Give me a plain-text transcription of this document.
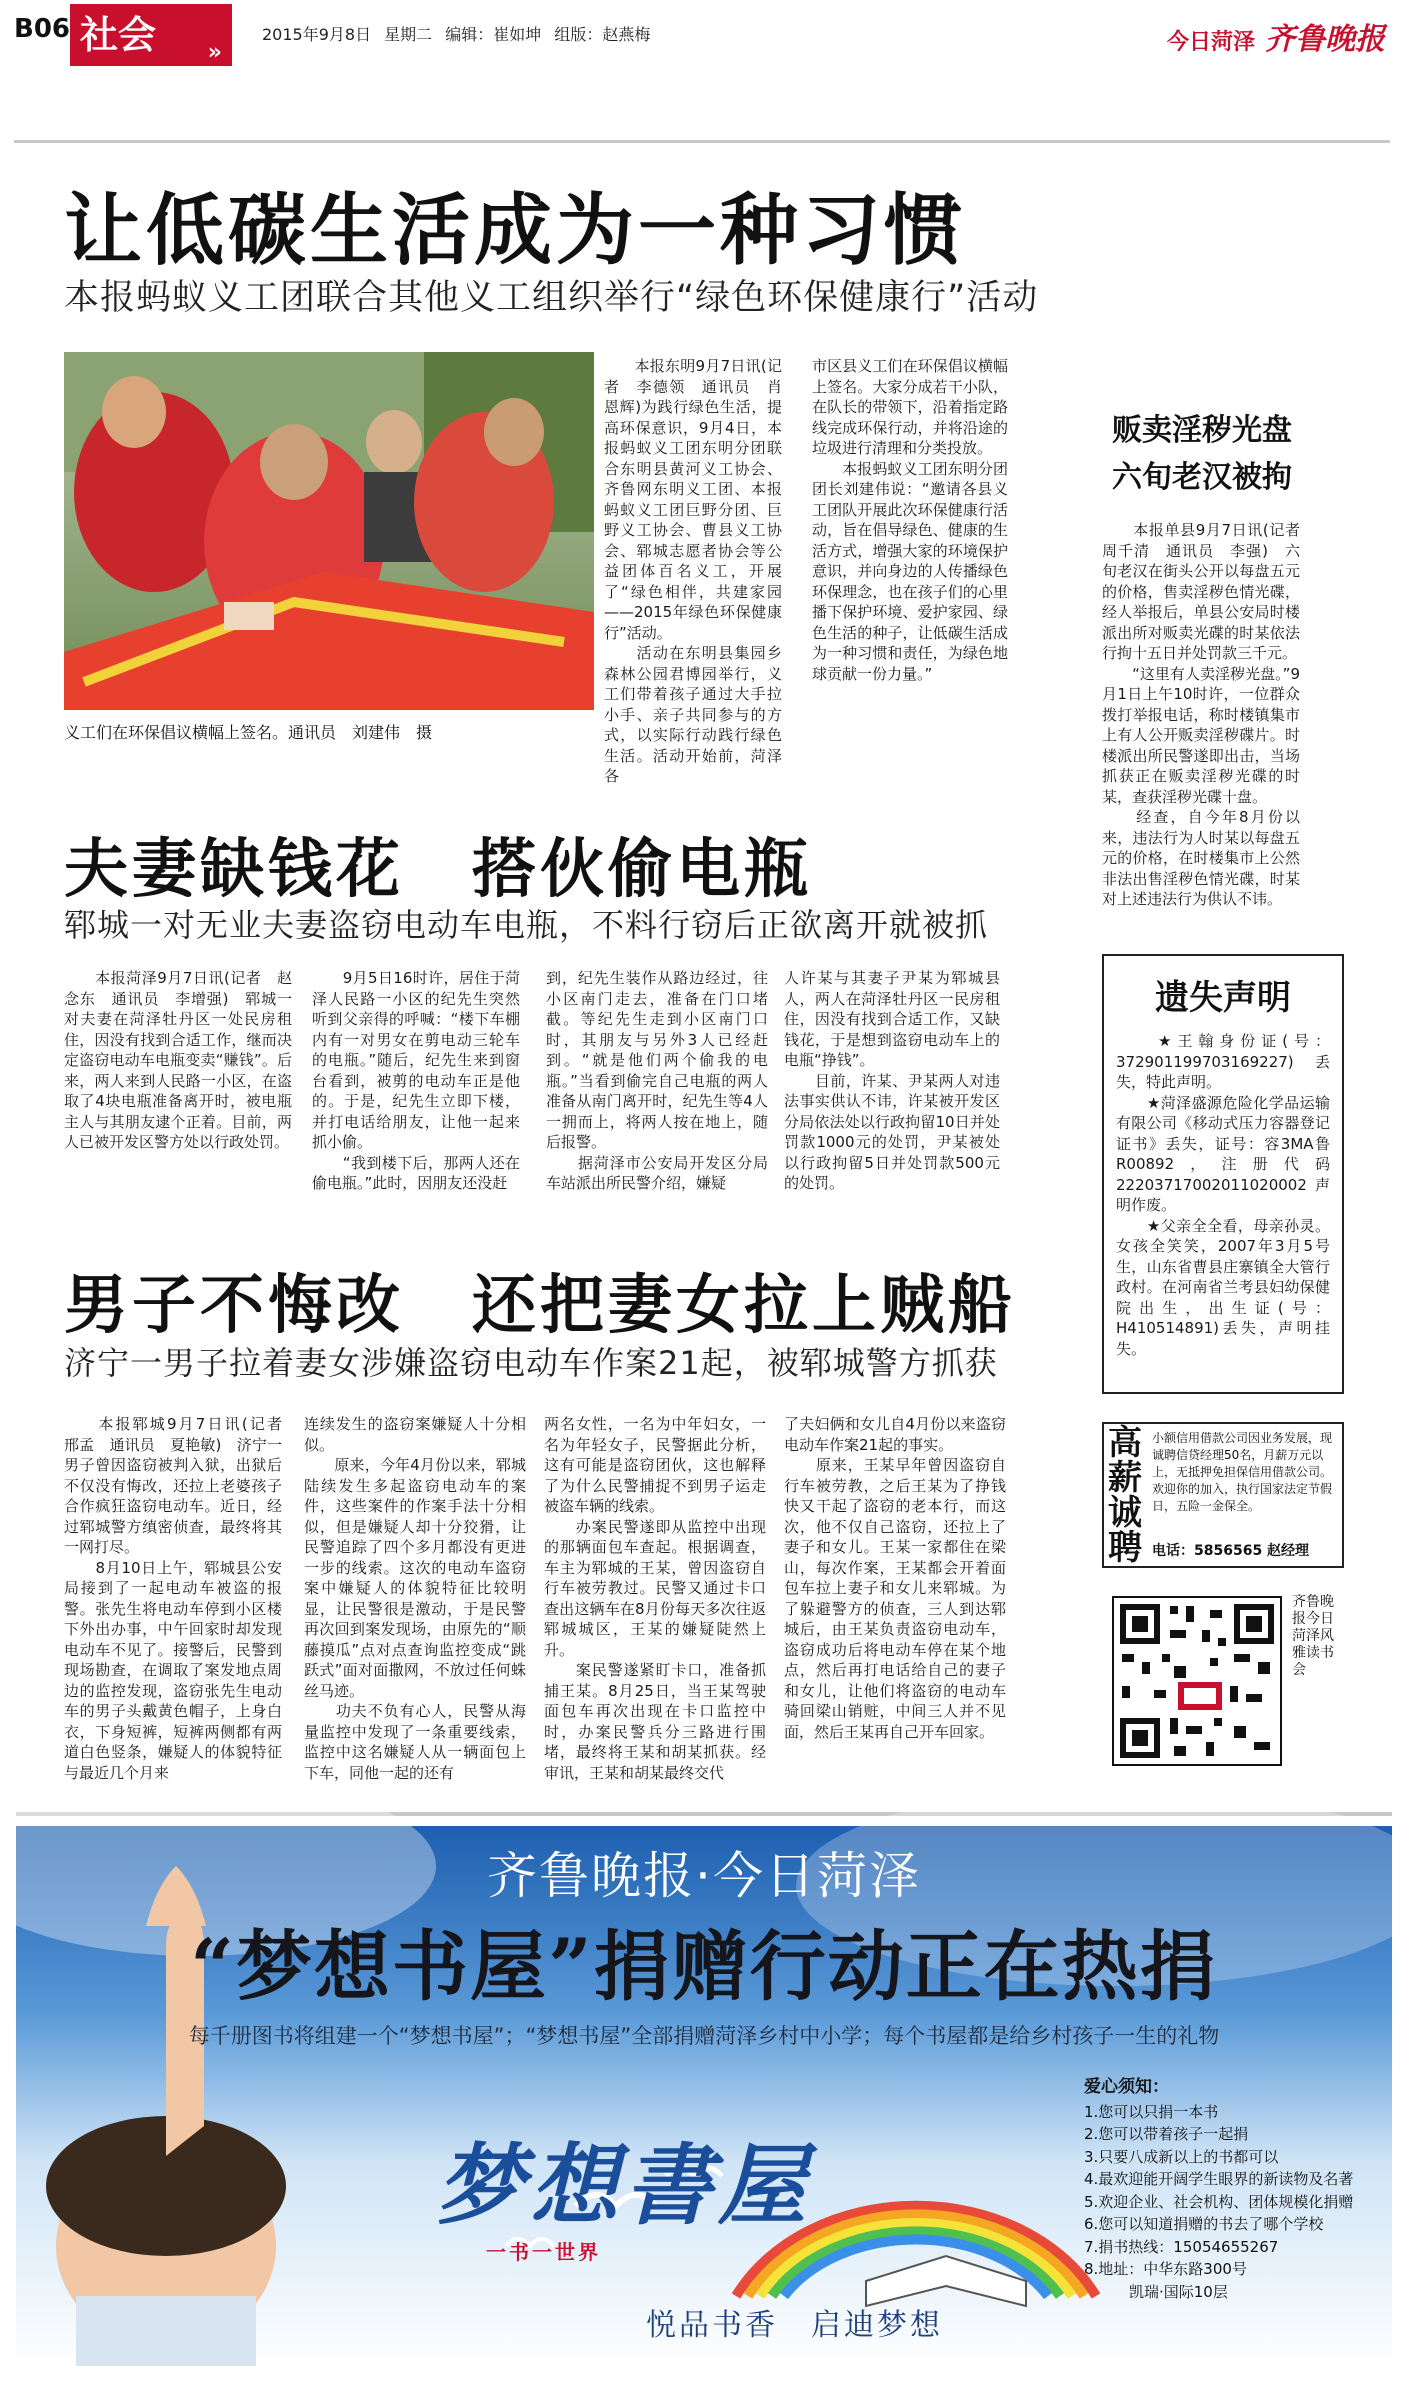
B06 社会 »
2015年9月8日 星期二 编辑：崔如坤 组版：赵燕梅	今日菏泽 齐鲁晚报
让低碳生活成为一种习惯
本报蚂蚁义工团联合其他义工组织举行“绿色环保健康行”活动
义工们在环保倡议横幅上签名。通讯员　刘建伟　摄
　　本报东明9月7日讯(记者　李德领　通讯员　肖恩辉)为践行绿色生活，提高环保意识，9月4日，本报蚂蚁义工团东明分团联合东明县黄河义工协会、齐鲁网东明义工团、本报蚂蚁义工团巨野分团、巨野义工协会、曹县义工协会、郓城志愿者协会等公益团体百名义工，开展了“绿色相伴，共建家园——2015年绿色环保健康行”活动。
　　活动在东明县集园乡森林公园君博园举行，义工们带着孩子通过大手拉小手、亲子共同参与的方式，以实际行动践行绿色生活。活动开始前，菏泽各
市区县义工们在环保倡议横幅上签名。大家分成若干小队，在队长的带领下，沿着指定路线完成环保行动，并将沿途的垃圾进行清理和分类投放。
　　本报蚂蚁义工团东明分团团长刘建伟说：“邀请各县义工团队开展此次环保健康行活动，旨在倡导绿色、健康的生活方式，增强大家的环境保护意识，并向身边的人传播绿色环保理念，也在孩子们的心里播下保护环境、爱护家园、绿色生活的种子，让低碳生活成为一种习惯和责任，为绿色地球贡献一份力量。”
贩卖淫秽光盘
六旬老汉被拘
　　本报单县9月7日讯(记者　周千清　通讯员　李强)　六旬老汉在街头公开以每盘五元的价格，售卖淫秽色情光碟，经人举报后，单县公安局时楼派出所对贩卖光碟的时某依法行拘十五日并处罚款三千元。
　　“这里有人卖淫秽光盘。”9月1日上午10时许，一位群众拨打举报电话，称时楼镇集市上有人公开贩卖淫秽碟片。时楼派出所民警遂即出击，当场抓获正在贩卖淫秽光碟的时某，查获淫秽光碟十盘。
　　经查，自今年8月份以来，违法行为人时某以每盘五元的价格，在时楼集市上公然非法出售淫秽色情光碟，时某对上述违法行为供认不讳。
夫妻缺钱花　搭伙偷电瓶
郓城一对无业夫妻盗窃电动车电瓶，不料行窃后正欲离开就被抓
　　本报菏泽9月7日讯(记者　赵念东　通讯员　李增强)　郓城一对夫妻在菏泽牡丹区一处民房租住，因没有找到合适工作，继而决定盗窃电动车电瓶变卖“赚钱”。后来，两人来到人民路一小区，在盗取了4块电瓶准备离开时，被电瓶主人与其朋友逮个正着。目前，两人已被开发区警方处以行政处罚。
　　9月5日16时许，居住于菏泽人民路一小区的纪先生突然听到父亲得的呼喊：“楼下车棚内有一对男女在剪电动三轮车的电瓶。”随后，纪先生来到窗台看到，被剪的电动车正是他的。于是，纪先生立即下楼，并打电话给朋友，让他一起来抓小偷。
　　“我到楼下后，那两人还在偷电瓶。”此时，因朋友还没赶
到，纪先生装作从路边经过，往小区南门走去，准备在门口堵截。等纪先生走到小区南门口时，其朋友与另外3人已经赶到。“就是他们两个偷我的电瓶。”当看到偷完自己电瓶的两人准备从南门离开时，纪先生等4人一拥而上，将两人按在地上，随后报警。
　　据菏泽市公安局开发区分局车站派出所民警介绍，嫌疑
人许某与其妻子尹某为郓城县人，两人在菏泽牡丹区一民房租住，因没有找到合适工作，又缺钱花，于是想到盗窃电动车上的电瓶“挣钱”。
　　目前，许某、尹某两人对违法事实供认不讳，许某被开发区分局依法处以行政拘留10日并处罚款1000元的处罚，尹某被处以行政拘留5日并处罚款500元的处罚。
遗失声明
　　★王翰身份证(号：372901199703169227)丢失，特此声明。
　　★菏泽盛源危险化学品运输有限公司《移动式压力容器登记证书》丢失，证号：容3MA鲁R00892，注册代码2220371700201102000​2声明作废。
　　★父亲全全看，母亲孙灵。女孩全笑笑，2007年3月5号生，山东省曹县庄寨镇全大管行政村。在河南省兰考县妇幼保健院出生，出生证(号：H410514891)丢失，声明挂失。
男子不悔改　还把妻女拉上贼船
济宁一男子拉着妻女涉嫌盗窃电动车作案21起，被郓城警方抓获
　　本报郓城9月7日讯(记者　邢孟　通讯员　夏艳敏)　济宁一男子曾因盗窃被判入狱，出狱后不仅没有悔改，还拉上老婆孩子合作疯狂盗窃电动车。近日，经过郓城警方缜密侦查，最终将其一网打尽。
　　8月10日上午，郓城县公安局接到了一起电动车被盗的报警。张先生将电动车停到小区楼下外出办事，中午回家时却发现电动车不见了。接警后，民警到现场勘查，在调取了案发地点周边的监控发现，盗窃张先生电动车的男子头戴黄色帽子，上身白衣，下身短裤，短裤两侧都有两道白色竖条，嫌疑人的体貌特征与最近几个月来
连续发生的盗窃案嫌疑人十分相似。
　　原来，今年4月份以来，郓城陆续发生多起盗窃电动车的案件，这些案件的作案手法十分相似，但是嫌疑人却十分狡猾，让民警追踪了四个多月都没有更进一步的线索。这次的电动车盗窃案中嫌疑人的体貌特征比较明显，让民警很是激动，于是民警再次回到案发现场，由原先的“顺藤摸瓜”点对点查询监控变成“跳跃式”面对面撒网，不放过任何蛛丝马迹。
　　功夫不负有心人，民警从海量监控中发现了一条重要线索，监控中这名嫌疑人从一辆面包上下车，同他一起的还有
两名女性，一名为中年妇女，一名为年轻女子，民警据此分析，这有可能是盗窃团伙，这也解释了为什么民警捕捉不到男子运走被盗车辆的线索。
　　办案民警遂即从监控中出现的那辆面包车查起。根据调查，车主为郓城的王某，曾因盗窃自行车被劳教过。民警又通过卡口查出这辆车在8月份每天多次往返郓城城区，王某的嫌疑陡然上升。
　　案民警遂紧盯卡口，准备抓捕王某。8月25日，当王某驾驶面包车再次出现在卡口监控中时，办案民警兵分三路进行围堵，最终将王某和胡某抓获。经审讯，王某和胡某最终交代
了夫妇俩和女儿自4月份以来盗窃电动车作案21起的事实。
　　原来，王某早年曾因盗窃自行车被劳教，之后王某为了挣钱快又干起了盗窃的老本行，而这次，他不仅自己盗窃，还拉上了妻子和女儿。王某一家都住在梁山，每次作案，王某都会开着面包车拉上妻子和女儿来郓城。为了躲避警方的侦查，三人到达郓城后，由王某负责盗窃电动车，盗窃成功后将电动车停在某个地点，然后再打电话给自己的妻子和女儿，让他们将盗窃的电动车骑回梁山销赃，中间三人并不见面，然后王某再自己开车回家。
高薪诚聘
小额信用借款公司因业务发展，现诚聘信贷经理50名，月薪万元以上，无抵押免担保信用借款公司。欢迎你的加入，执行国家法定节假日，五险一金保全。
电话：5856565 赵经理
齐鲁晚报今日菏泽风雅读书会
齐鲁晚报·今日菏泽
“梦想书屋”捐赠行动正在热捐
每千册图书将组建一个“梦想书屋”；“梦想书屋”全部捐赠菏泽乡村中小学；每个书屋都是给乡村孩子一生的礼物
梦想書屋
一书一世界
悦品书香　启迪梦想
爱心须知：
1.您可以只捐一本书
2.您可以带着孩子一起捐
3.只要八成新以上的书都可以
4.最欢迎能开阔学生眼界的新读物及名著
5.欢迎企业、社会机构、团体规模化捐赠
6.您可以知道捐赠的书去了哪个学校
7.捐书热线：15054655267
8.地址：中华东路300号
　　　凯瑞·国际10层
